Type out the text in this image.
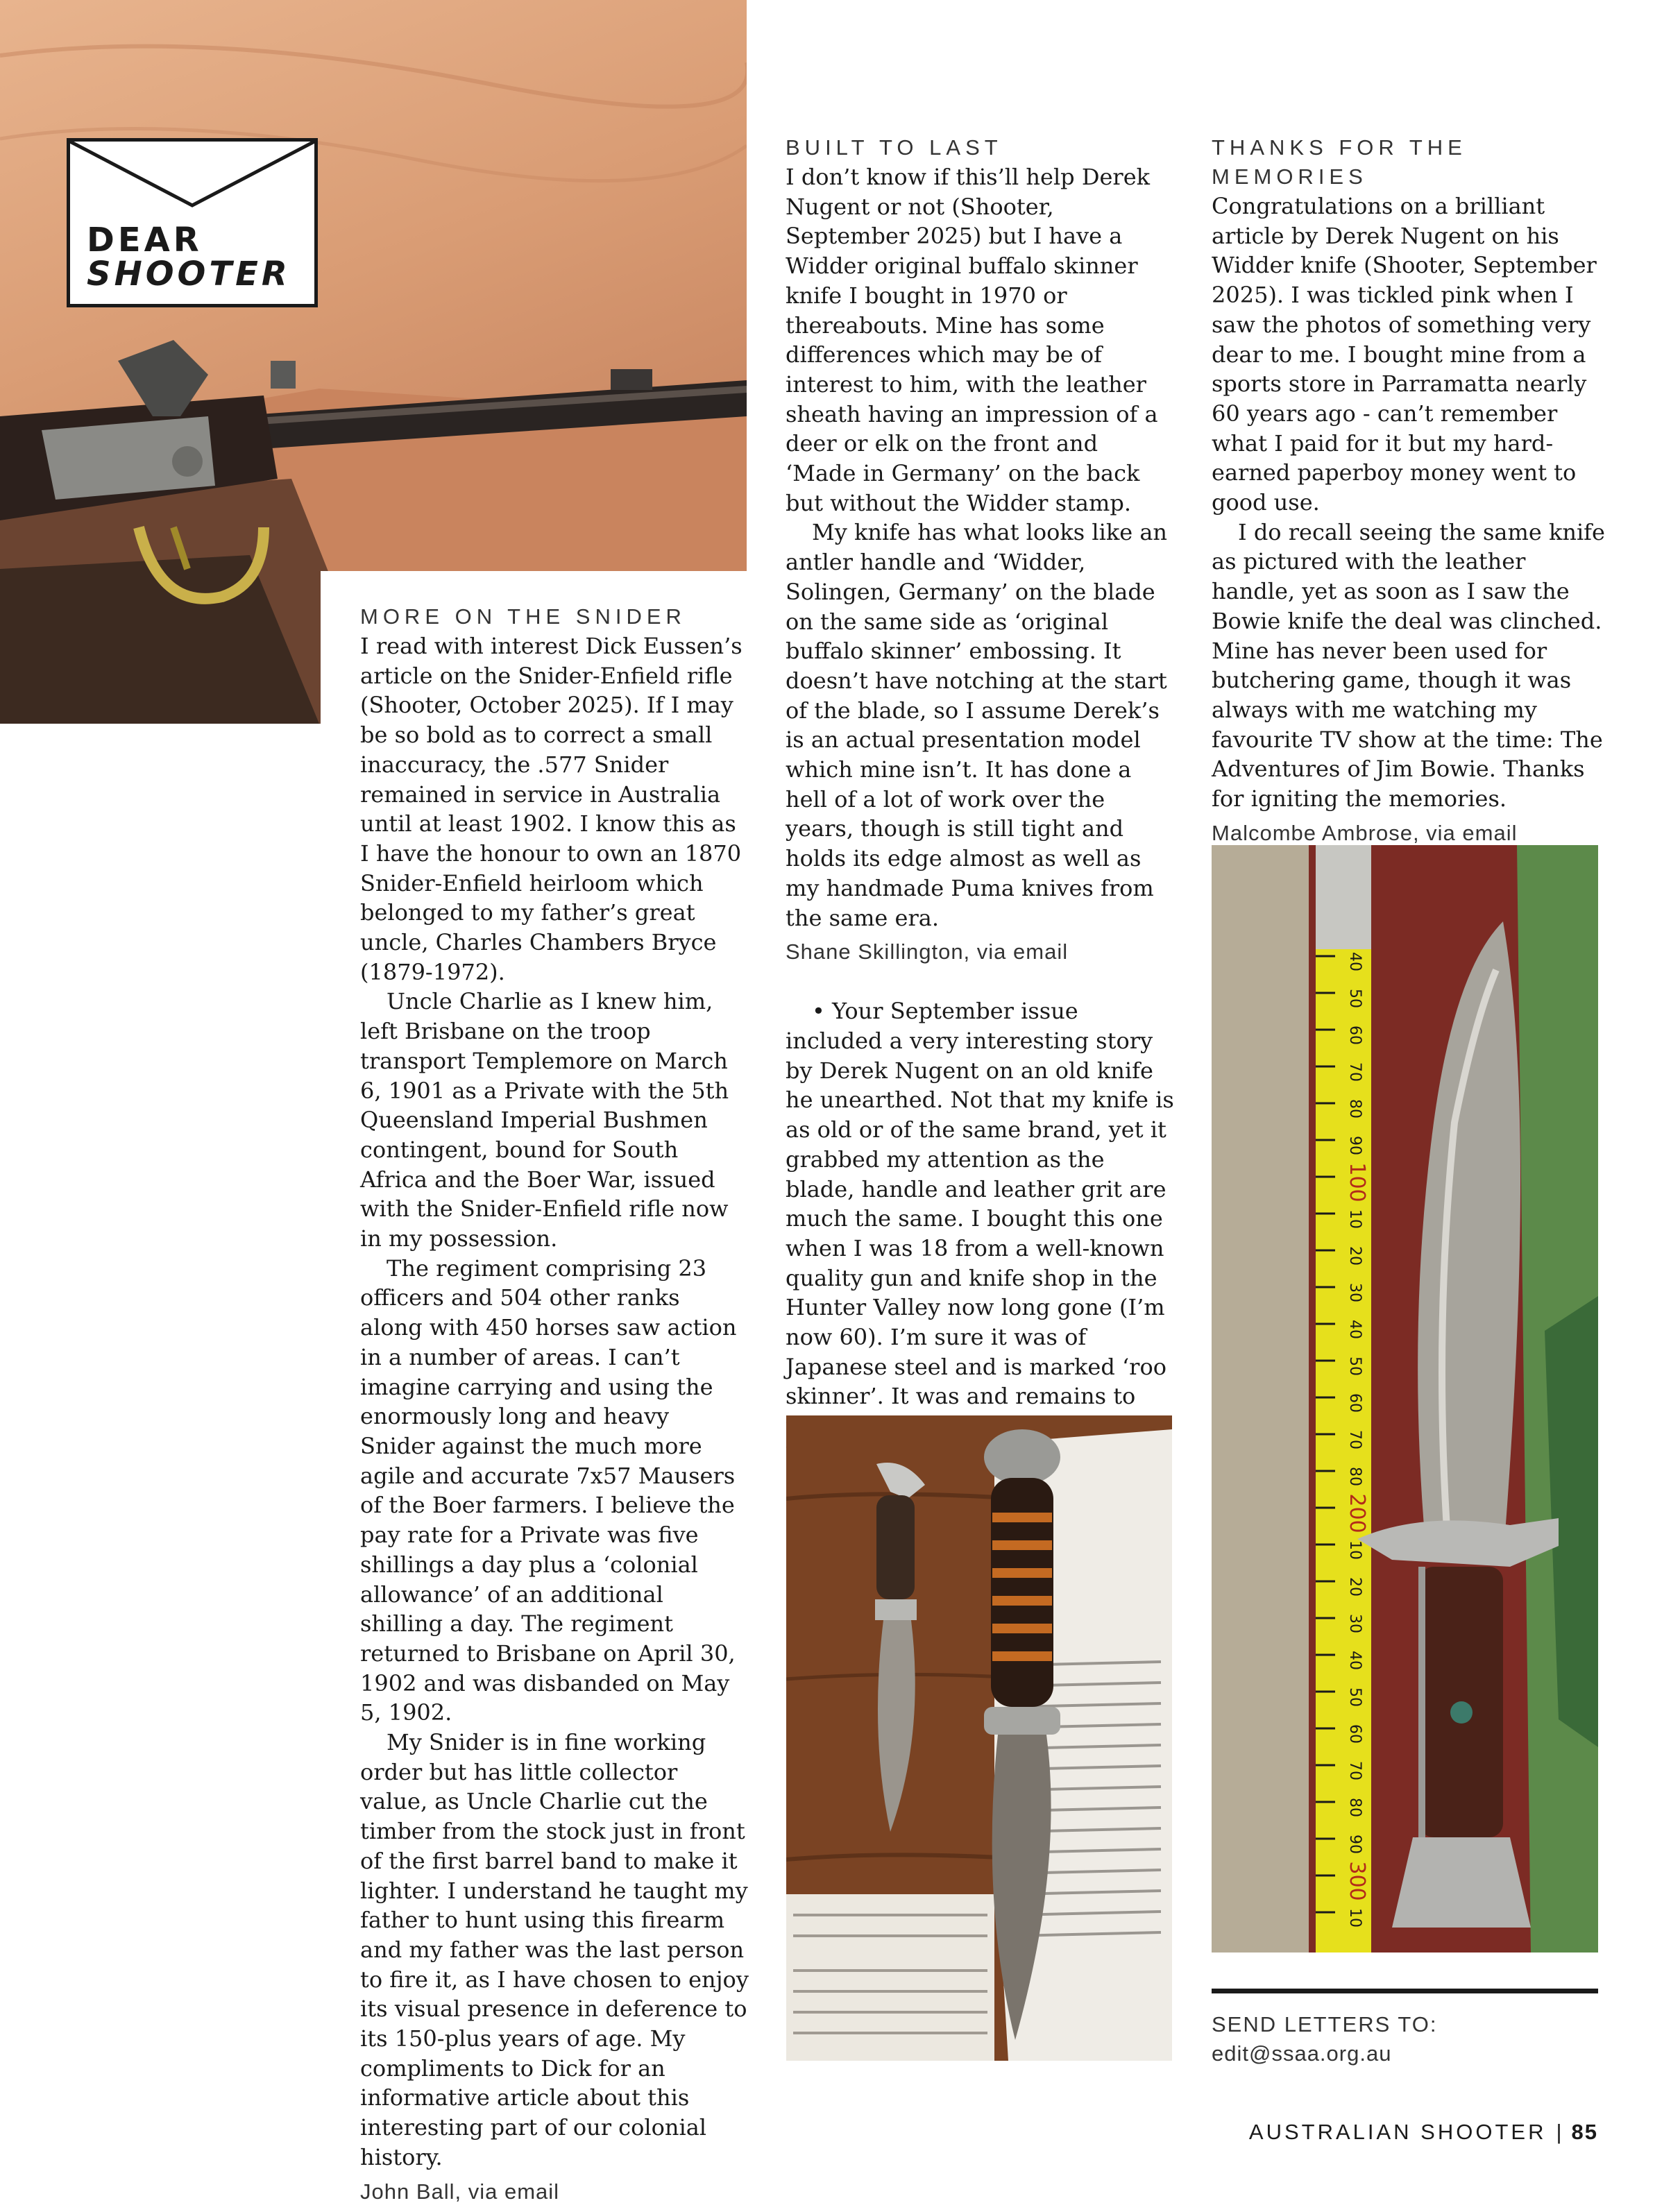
DEAR
SHOOTER
MORE ON THE SNIDER

I read with interest Dick Eussen’s article on the Snider-Enfield rifle (Shooter, October 2025). If I may be so bold as to correct a small inaccuracy, the .577 Snider remained in service in Australia until at least 1902. I know this as I have the honour to own an 1870 Snider-Enfield heirloom which belonged to my father’s great uncle, Charles Chambers Bryce (1879-1972).

Uncle Charlie as I knew him, left Brisbane on the troop transport Templemore on March 6, 1901 as a Private with the 5th Queensland Imperial Bushmen contingent, bound for South Africa and the Boer War, issued with the Snider-Enfield rifle now in my possession.

The regiment comprising 23 officers and 504 other ranks along with 450 horses saw action in a number of areas. I can’t imagine carrying and using the enormously long and heavy Snider against the much more agile and accurate 7x57 Mausers of the Boer farmers. I believe the pay rate for a Private was five shillings a day plus a ‘colonial allowance’ of an additional shilling a day. The regiment returned to Brisbane on April 30, 1902 and was disbanded on May 5, 1902.

My Snider is in fine working order but has little collector value, as Uncle Charlie cut the timber from the stock just in front of the first barrel band to make it lighter. I understand he taught my father to hunt using this firearm and my father was the last person to fire it, as I have chosen to enjoy its visual presence in deference to its 150-plus years of age. My compliments to Dick for an informative article about this interesting part of our colonial history.

John Ball, via email

BUILT TO LAST

I don’t know if this’ll help Derek Nugent or not (Shooter, September 2025) but I have a Widder original buffalo skinner knife I bought in 1970 or thereabouts. Mine has some differences which may be of interest to him, with the leather sheath having an impression of a deer or elk on the front and ‘Made in Germany’ on the back but without the Widder stamp.

My knife has what looks like an antler handle and ‘Widder, Solingen, Germany’ on the blade on the same side as ‘original buffalo skinner’ embossing. It doesn’t have notching at the start of the blade, so I assume Derek’s is an actual presentation model which mine isn’t. It has done a hell of a lot of work over the years, though is still tight and holds its edge almost as well as my handmade Puma knives from the same era.

Shane Skillington, via email

• Your September issue included a very interesting story by Derek Nugent on an old knife he unearthed. Not that my knife is as old or of the same brand, yet it grabbed my attention as the blade, handle and leather grit are much the same. I bought this one when I was 18 from a well-known quality gun and knife shop in the Hunter Valley now long gone (I’m now 60). I’m sure it was of Japanese steel and is marked ‘roo skinner’. It was and remains to

THANKS FOR THE MEMORIES

Congratulations on a brilliant article by Derek Nugent on his Widder knife (Shooter, September 2025). I was tickled pink when I saw the photos of something very dear to me. I bought mine from a sports store in Parramatta nearly 60 years ago - can’t remember what I paid for it but my hard-earned paperboy money went to good use.

I do recall seeing the same knife as pictured with the leather handle, yet as soon as I saw the Bowie knife the deal was clinched. Mine has never been used for butchering game, though it was always with me watching my favourite TV show at the time: The Adventures of Jim Bowie. Thanks for igniting the memories.

Malcombe Ambrose, via email

40
50
60
70
80
90
100
10
20
30
40
50
60
70
80
200
10
20
30
40
50
60
70
80
90
300
10
SEND LETTERS TO:
edit@ssaa.org.au
AUSTRALIAN SHOOTER | 85
